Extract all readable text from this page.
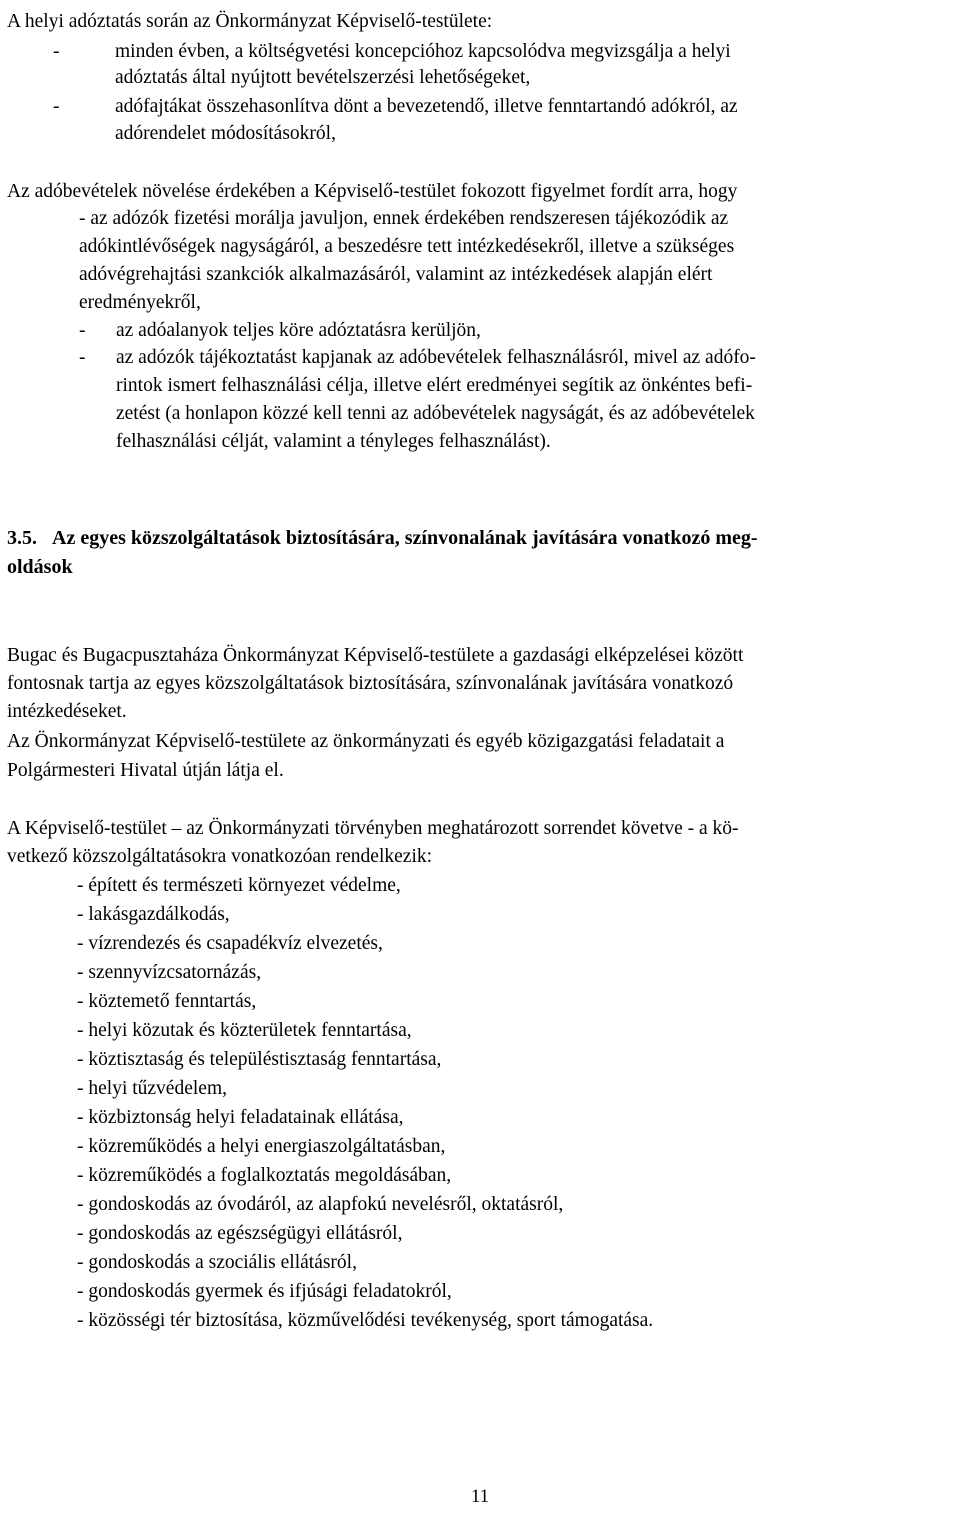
A helyi adóztatás során az Önkormányzat Képviselő-testülete:
-	minden évben, a költségvetési koncepcióhoz kapcsolódva megvizsgálja a helyi
adóztatás által nyújtott bevételszerzési lehetőségeket,
-	adófajtákat összehasonlítva dönt a bevezetendő, illetve fenntartandó adókról, az
adórendelet módosításokról,
Az adóbevételek növelése érdekében a Képviselő-testület fokozott figyelmet fordít arra, hogy
- az adózók fizetési morálja javuljon, ennek érdekében rendszeresen tájékozódik az
adókintlévőségek nagyságáról, a beszedésre tett intézkedésekről, illetve a szükséges
adóvégrehajtási szankciók alkalmazásáról, valamint az intézkedések alapján elért
eredményekről,
- az adóalanyok teljes köre adóztatásra kerüljön,
- az adózók tájékoztatást kapjanak az adóbevételek felhasználásról, mivel az adófo-
rintok ismert felhasználási célja, illetve elért eredményei segítik az önkéntes befi-
zetést (a honlapon közzé kell tenni az adóbevételek nagyságát, és az adóbevételek
felhasználási célját, valamint a tényleges felhasználást).
3.5. Az egyes közszolgáltatások biztosítására, színvonalának javítására vonatkozó meg-
oldások
Bugac és Bugacpusztaháza Önkormányzat Képviselő-testülete a gazdasági elképzelései között
fontosnak tartja az egyes közszolgáltatások biztosítására, színvonalának javítására vonatkozó
intézkedéseket.
Az Önkormányzat Képviselő-testülete az önkormányzati és egyéb közigazgatási feladatait a
Polgármesteri Hivatal útján látja el.
A Képviselő-testület – az Önkormányzati törvényben meghatározott sorrendet követve - a kö-
vetkező közszolgáltatásokra vonatkozóan rendelkezik:
- épített és természeti környezet védelme,
- lakásgazdálkodás,
- vízrendezés és csapadékvíz elvezetés,
- szennyvízcsatornázás,
- köztemető fenntartás,
- helyi közutak és közterületek fenntartása,
- köztisztaság és településtisztaság fenntartása,
- helyi tűzvédelem,
- közbiztonság helyi feladatainak ellátása,
- közreműködés a helyi energiaszolgáltatásban,
- közreműködés a foglalkoztatás megoldásában,
- gondoskodás az óvodáról, az alapfokú nevelésről, oktatásról,
- gondoskodás az egészségügyi ellátásról,
- gondoskodás a szociális ellátásról,
- gondoskodás gyermek és ifjúsági feladatokról,
- közösségi tér biztosítása, közművelődési tevékenység, sport támogatása.
11
